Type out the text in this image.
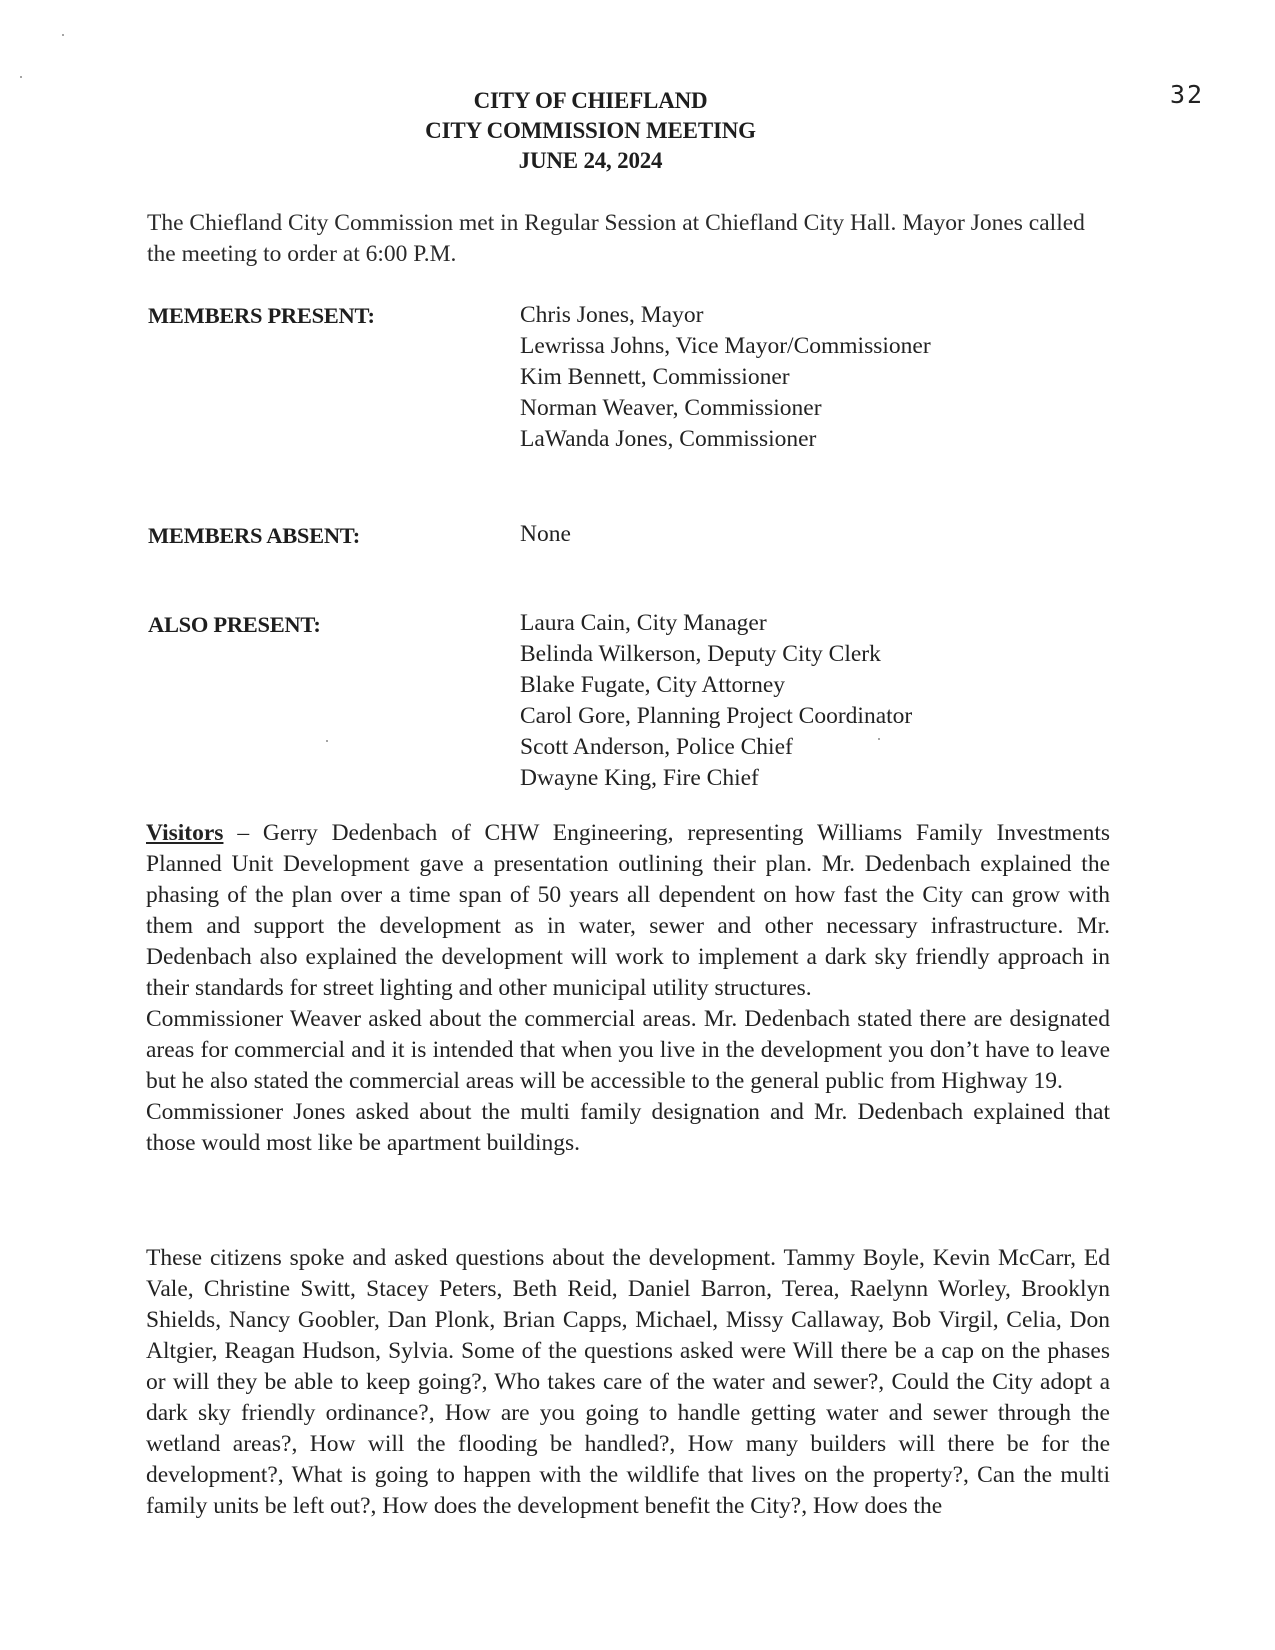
32
CITY OF CHIEFLAND
CITY COMMISSION MEETING
JUNE 24, 2024
The Chiefland City Commission met in Regular Session at Chiefland City Hall. Mayor Jones called the meeting to order at 6:00 P.M.
MEMBERS PRESENT:	Chris Jones, Mayor
Lewrissa Johns, Vice Mayor/Commissioner
Kim Bennett, Commissioner
Norman Weaver, Commissioner
LaWanda Jones, Commissioner
MEMBERS ABSENT:	None
ALSO PRESENT:	Laura Cain, City Manager
Belinda Wilkerson, Deputy City Clerk
Blake Fugate, City Attorney
Carol Gore, Planning Project Coordinator
Scott Anderson, Police Chief
Dwayne King, Fire Chief

Visitors – Gerry Dedenbach of CHW Engineering, representing Williams Family Investments Planned Unit Development gave a presentation outlining their plan. Mr. Dedenbach explained the phasing of the plan over a time span of 50 years all dependent on how fast the City can grow with them and support the development as in water, sewer and other necessary infrastructure. Mr. Dedenbach also explained the development will work to implement a dark sky friendly approach in their standards for street lighting and other municipal utility structures.

Commissioner Weaver asked about the commercial areas. Mr. Dedenbach stated there are designated areas for commercial and it is intended that when you live in the development you don’t have to leave but he also stated the commercial areas will be accessible to the general public from Highway 19.

Commissioner Jones asked about the multi family designation and Mr. Dedenbach explained that those would most like be apartment buildings.

These citizens spoke and asked questions about the development. Tammy Boyle, Kevin McCarr, Ed Vale, Christine Switt, Stacey Peters, Beth Reid, Daniel Barron, Terea, Raelynn Worley, Brooklyn Shields, Nancy Goobler, Dan Plonk, Brian Capps, Michael, Missy Callaway, Bob Virgil, Celia, Don Altgier, Reagan Hudson, Sylvia. Some of the questions asked were Will there be a cap on the phases or will they be able to keep going?, Who takes care of the water and sewer?, Could the City adopt a dark sky friendly ordinance?, How are you going to handle getting water and sewer through the wetland areas?, How will the flooding be handled?, How many builders will there be for the development?, What is going to happen with the wildlife that lives on the property?, Can the multi family units be left out?, How does the development benefit the City?, How does the
